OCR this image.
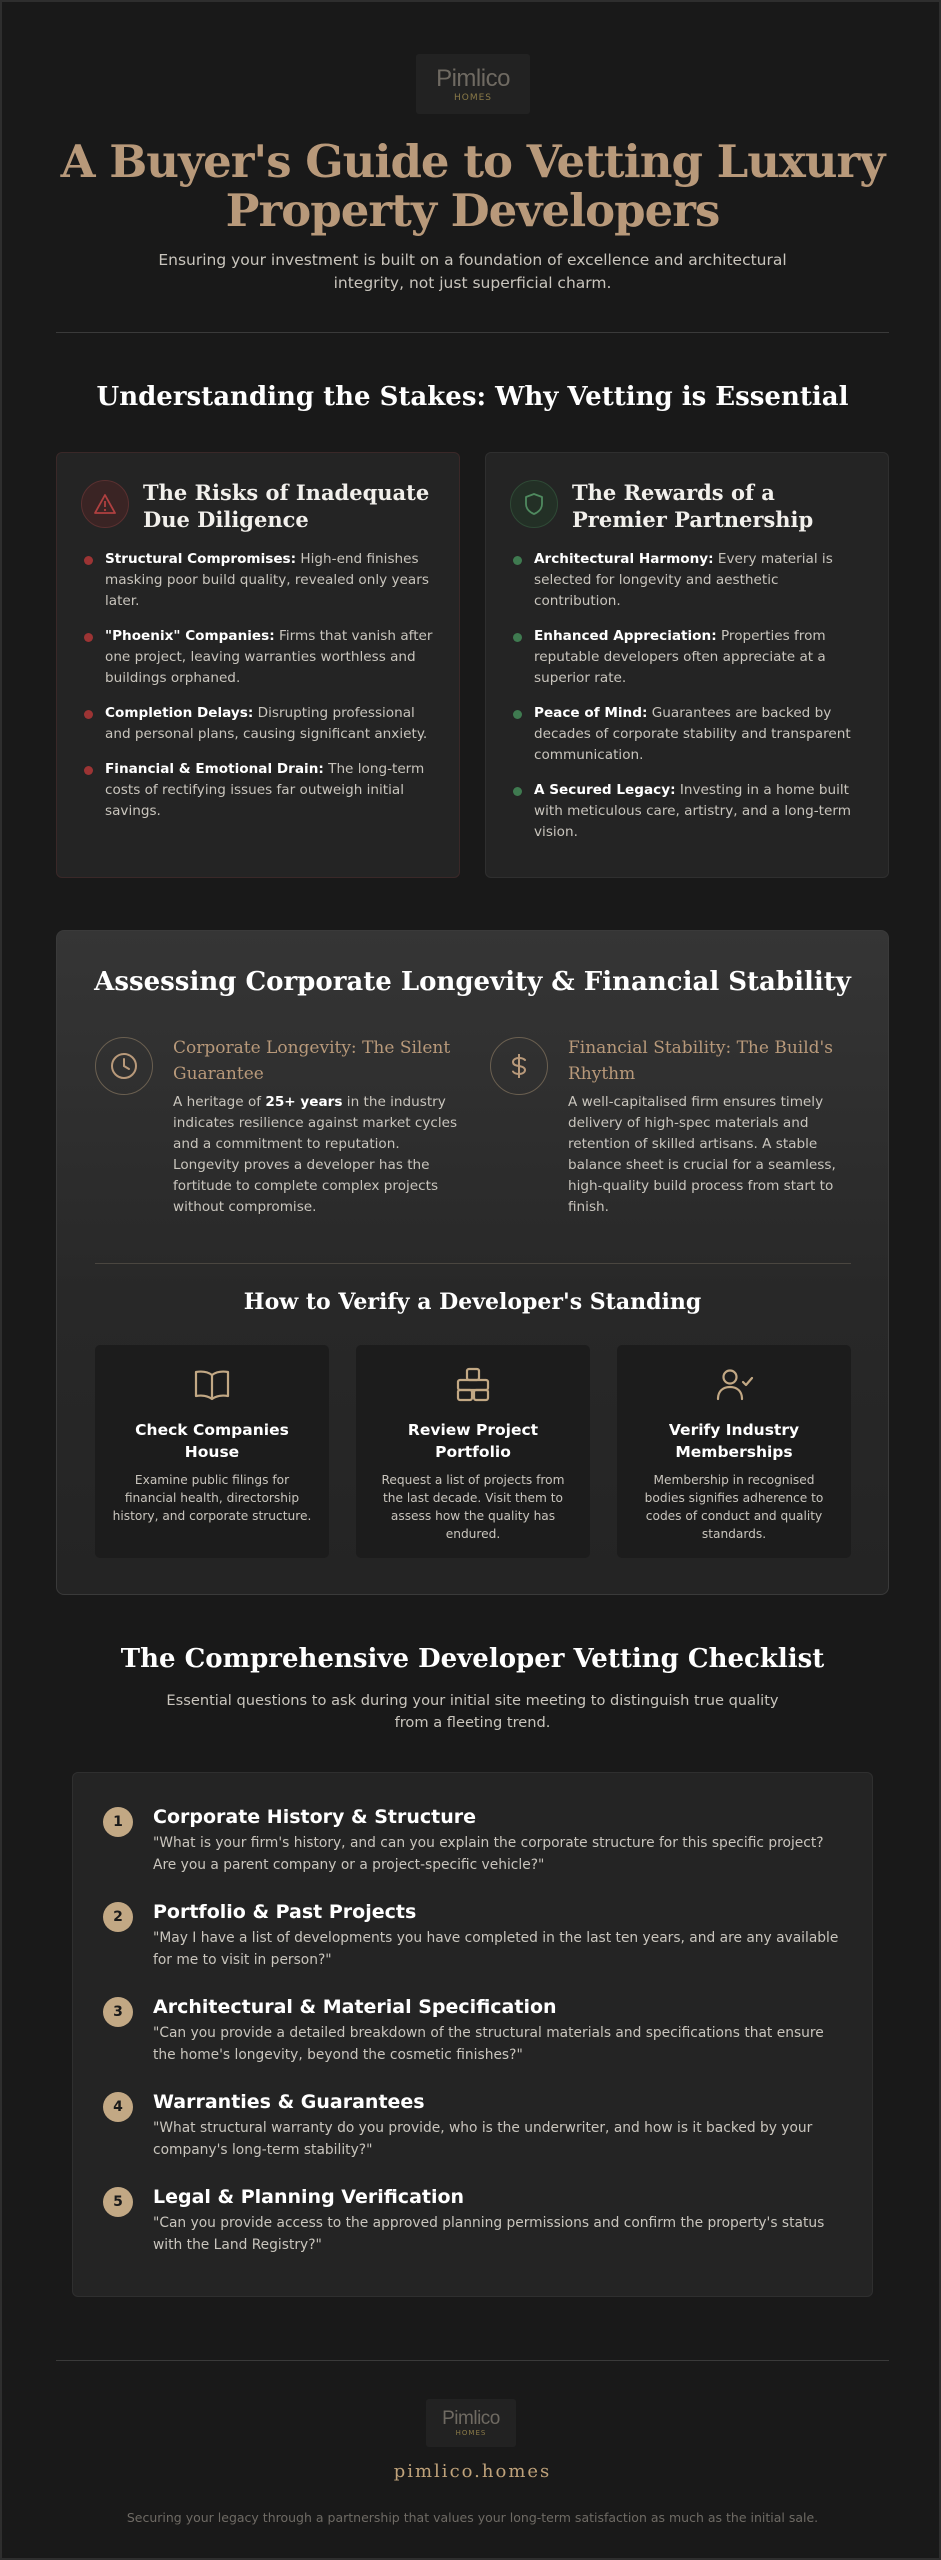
Pimlico
HOMES
A Buyer's Guide to Vetting Luxury Property Developers

Ensuring your investment is built on a foundation of excellence and architectural integrity, not just superficial charm.

Understanding the Stakes: Why Vetting is Essential
The Risks of Inadequate Due Diligence
Structural Compromises: High-end finishes masking poor build quality, revealed only years later.
"Phoenix" Companies: Firms that vanish after one project, leaving warranties worthless and buildings orphaned.
Completion Delays: Disrupting professional and personal plans, causing significant anxiety.
Financial & Emotional Drain: The long-term costs of rectifying issues far outweigh initial savings.
The Rewards of a Premier Partnership
Architectural Harmony: Every material is selected for longevity and aesthetic contribution.
Enhanced Appreciation: Properties from reputable developers often appreciate at a superior rate.
Peace of Mind: Guarantees are backed by decades of corporate stability and transparent communication.
A Secured Legacy: Investing in a home built with meticulous care, artistry, and a long-term vision.
Assessing Corporate Longevity & Financial Stability
Corporate Longevity: The Silent Guarantee

A heritage of 25+ years in the industry indicates resilience against market cycles and a commitment to reputation. Longevity proves a developer has the fortitude to complete complex projects without compromise.

Financial Stability: The Build's Rhythm

A well-capitalised firm ensures timely delivery of high-spec materials and retention of skilled artisans. A stable balance sheet is crucial for a seamless, high-quality build process from start to finish.

How to Verify a Developer's Standing
Check Companies House

Examine public filings for financial health, directorship history, and corporate structure.

Review Project Portfolio

Request a list of projects from the last decade. Visit them to assess how the quality has endured.

Verify Industry Memberships

Membership in recognised bodies signifies adherence to codes of conduct and quality standards.

The Comprehensive Developer Vetting Checklist

Essential questions to ask during your initial site meeting to distinguish true quality from a fleeting trend.

1	Corporate History & Structure

"What is your firm's history, and can you explain the corporate structure for this specific project? Are you a parent company or a project-specific vehicle?"

2	Portfolio & Past Projects

"May I have a list of developments you have completed in the last ten years, and are any available for me to visit in person?"

3	Architectural & Material Specification

"Can you provide a detailed breakdown of the structural materials and specifications that ensure the home's longevity, beyond the cosmetic finishes?"

4	Warranties & Guarantees

"What structural warranty do you provide, who is the underwriter, and how is it backed by your company's long-term stability?"

5	Legal & Planning Verification

"Can you provide access to the approved planning permissions and confirm the property's status with the Land Registry?"

Pimlico
HOMES

pimlico.homes

Securing your legacy through a partnership that values your long-term satisfaction as much as the initial sale.
